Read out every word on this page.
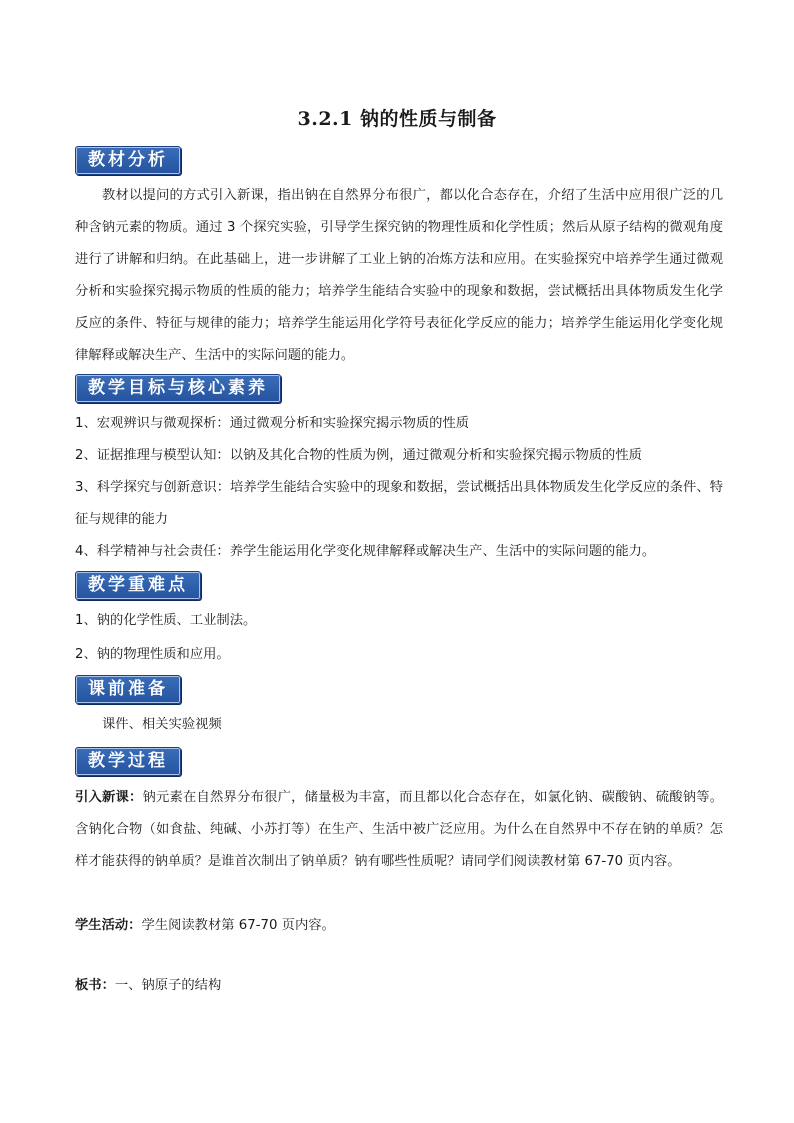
3.2.1 钠的性质与制备
教材分析

教材以提问的方式引入新课，指出钠在自然界分布很广，都以化合态存在，介绍了生活中应用很广泛的几种含钠元素的物质。通过 3 个探究实验，引导学生探究钠的物理性质和化学性质；然后从原子结构的微观角度进行了讲解和归纳。在此基础上，进一步讲解了工业上钠的冶炼方法和应用。在实验探究中培养学生通过微观分析和实验探究揭示物质的性质的能力；培养学生能结合实验中的现象和数据，尝试概括出具体物质发生化学反应的条件、特征与规律的能力；培养学生能运用化学符号表征化学反应的能力；培养学生能运用化学变化规律解释或解决生产、生活中的实际问题的能力。

教学目标与核心素养
1、宏观辨识与微观探析：通过微观分析和实验探究揭示物质的性质
2、证据推理与模型认知：以钠及其化合物的性质为例，通过微观分析和实验探究揭示物质的性质

3、科学探究与创新意识：培养学生能结合实验中的现象和数据，尝试概括出具体物质发生化学反应的条件、特征与规律的能力

4、科学精神与社会责任：养学生能运用化学变化规律解释或解决生产、生活中的实际问题的能力。
教学重难点
1、钠的化学性质、工业制法。
2、钠的物理性质和应用。
课前准备
课件、相关实验视频
教学过程

引入新课：钠元素在自然界分布很广，储量极为丰富，而且都以化合态存在，如氯化钠、碳酸钠、硫酸钠等。含钠化合物（如食盐、纯碱、小苏打等）在生产、生活中被广泛应用。为什么在自然界中不存在钠的单质？怎样才能获得的钠单质？是谁首次制出了钠单质？钠有哪些性质呢？请同学们阅读教材第 67-70 页内容。

学生活动：学生阅读教材第 67-70 页内容。
板书：一、钠原子的结构
